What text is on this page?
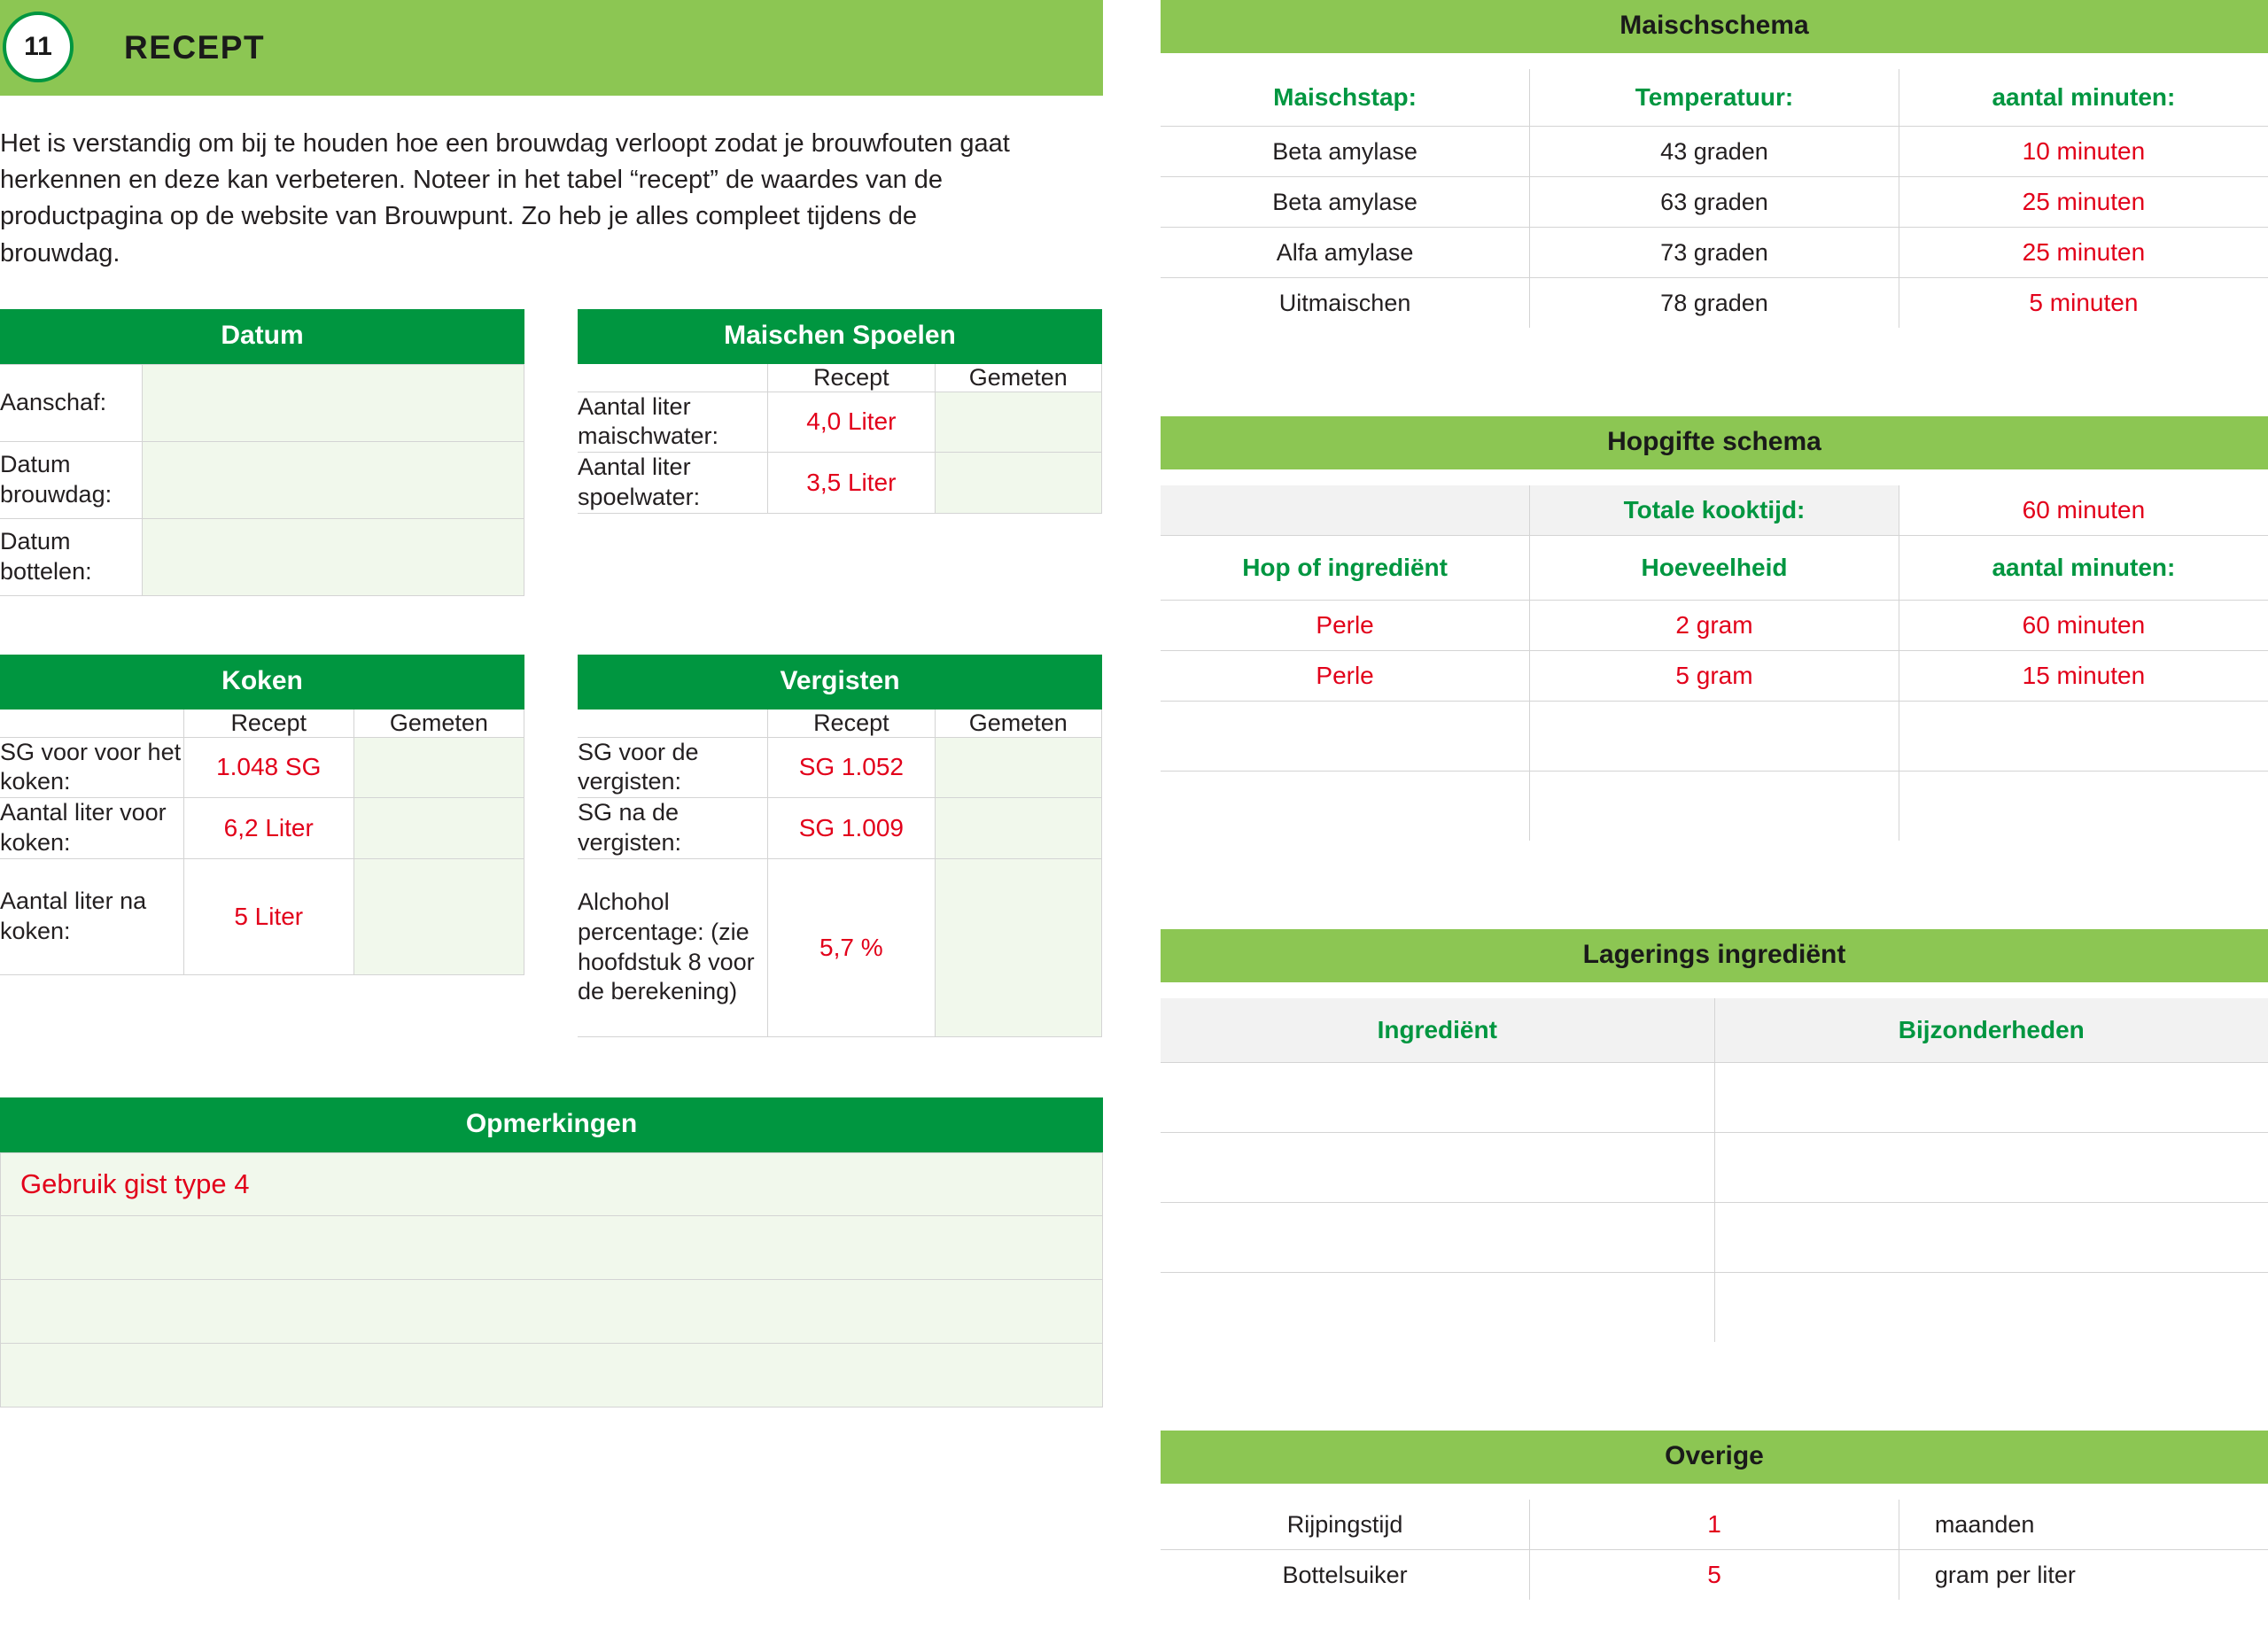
11	RECEPT

Het is verstandig om bij te houden hoe een brouwdag verloopt zodat je brouwfouten gaat herkennen en deze kan verbeteren. Noteer in het tabel “recept” de waardes van de productpagina op de website van Brouwpunt. Zo heb je alles compleet tijdens de brouwdag.

Datum
Aanschaf:	
Datum brouwdag:	
Datum bottelen:	
Maischen Spoelen
	Recept	Gemeten
Aantal liter maischwater:	4,0 Liter	
Aantal liter spoelwater:	3,5 Liter	
Koken
	Recept	Gemeten
SG voor voor het koken:	1.048 SG	
Aantal liter voor koken:	6,2 Liter	
Aantal liter na koken:	5 Liter	
Vergisten
	Recept	Gemeten
SG voor de vergisten:	SG 1.052	
SG na de vergisten:	SG 1.009	
Alchohol percentage: (zie hoofdstuk 8 voor de berekening)	5,7 %	
Opmerkingen
Gebruik gist type 4
Maischschema
Maischstap:	Temperatuur:	aantal minuten:
Beta amylase	43 graden	10 minuten
Beta amylase	63 graden	25 minuten
Alfa amylase	73 graden	25 minuten
Uitmaischen	78 graden	5 minuten
Hopgifte schema
	Totale kooktijd:	60 minuten
Hop of ingrediënt	Hoeveelheid	aantal minuten:
Perle	2 gram	60 minuten
Perle	5 gram	15 minuten

Lagerings ingrediënt
Ingrediënt	Bijzonderheden

Overige
Rijpingstijd	1	maanden
Bottelsuiker	5	gram per liter
